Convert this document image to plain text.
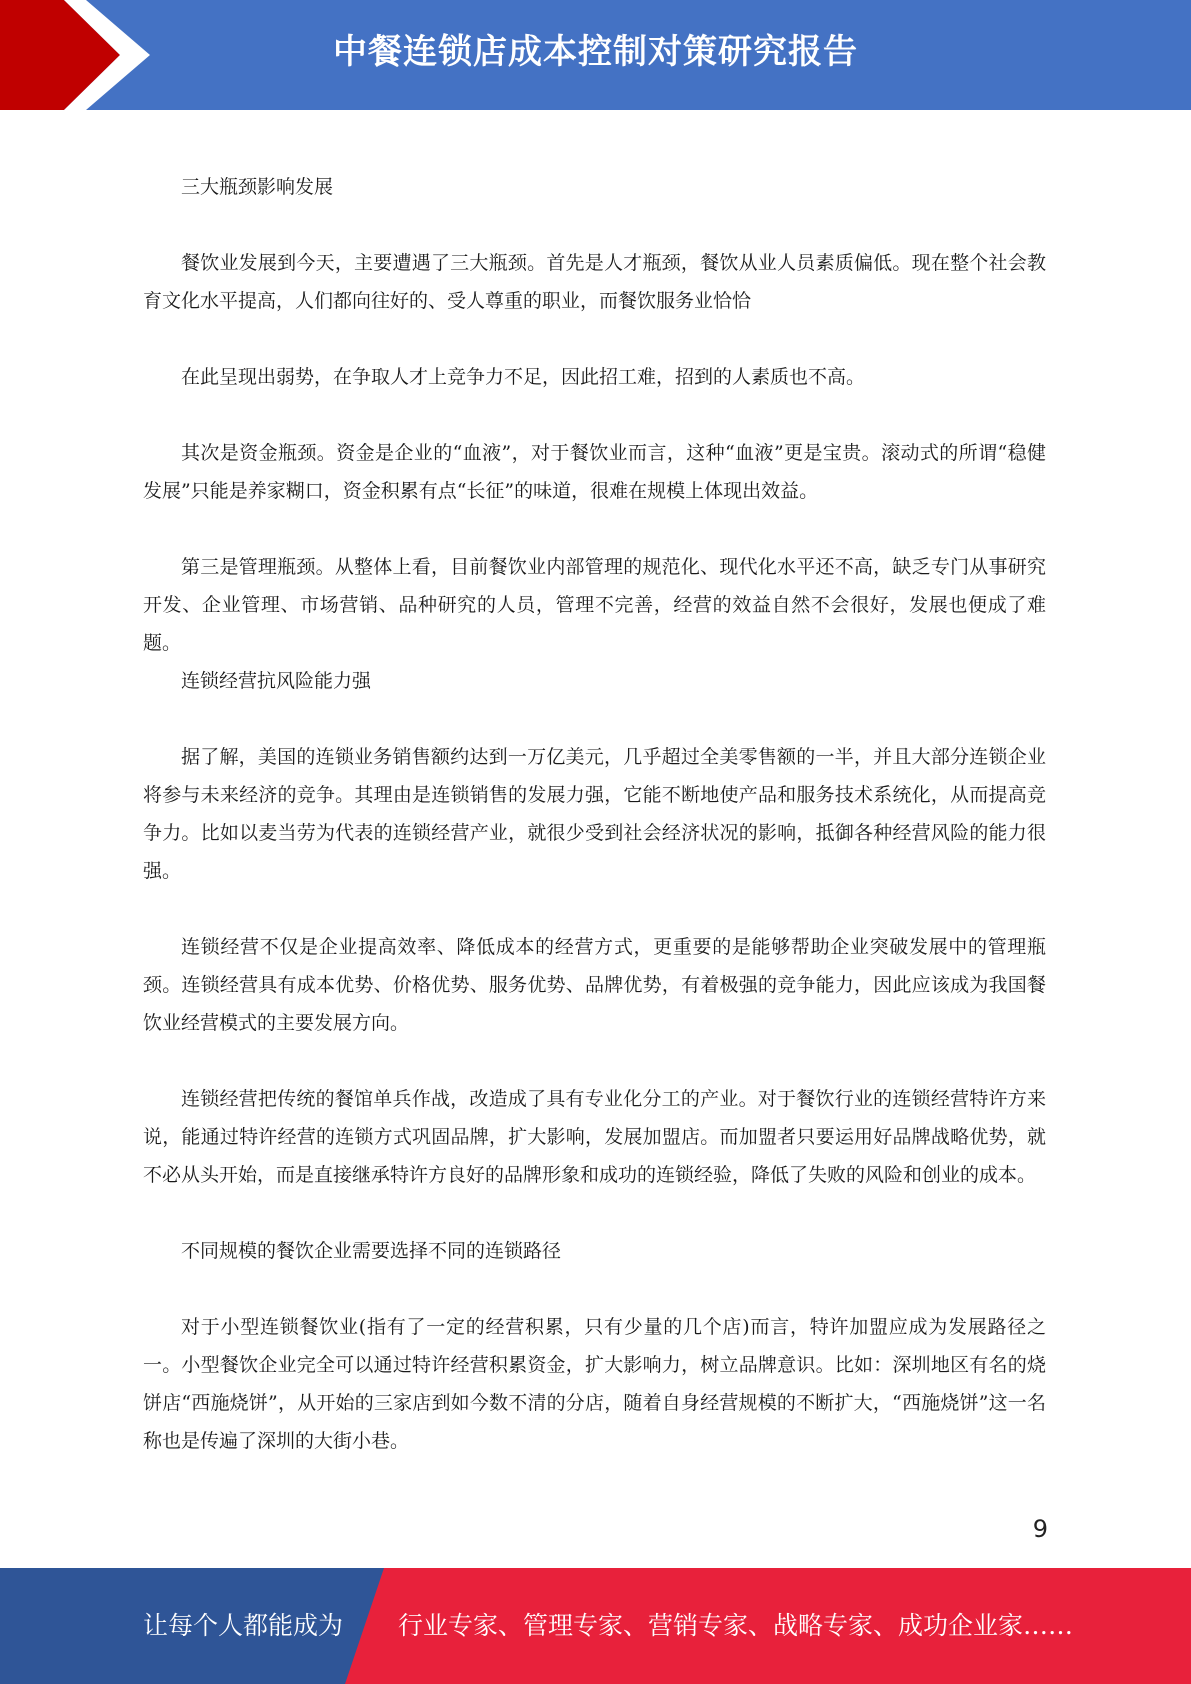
中餐连锁店成本控制对策研究报告

三大瓶颈影响发展

餐饮业发展到今天，主要遭遇了三大瓶颈。首先是人才瓶颈，餐饮从业人员素质偏低。现在整个社会教育文化水平提高，人们都向往好的、受人尊重的职业，而餐饮服务业恰恰

在此呈现出弱势，在争取人才上竞争力不足，因此招工难，招到的人素质也不高。

其次是资金瓶颈。资金是企业的“血液”，对于餐饮业而言，这种“血液”更是宝贵。滚动式的所谓“稳健发展”只能是养家糊口，资金积累有点“长征”的味道，很难在规模上体现出效益。

第三是管理瓶颈。从整体上看，目前餐饮业内部管理的规范化、现代化水平还不高，缺乏专门从事研究开发、企业管理、市场营销、品种研究的人员，管理不完善，经营的效益自然不会很好，发展也便成了难题。

连锁经营抗风险能力强

据了解，美国的连锁业务销售额约达到一万亿美元，几乎超过全美零售额的一半，并且大部分连锁企业将参与未来经济的竞争。其理由是连锁销售的发展力强，它能不断地使产品和服务技术系统化，从而提高竞争力。比如以麦当劳为代表的连锁经营产业，就很少受到社会经济状况的影响，抵御各种经营风险的能力很强。

连锁经营不仅是企业提高效率、降低成本的经营方式，更重要的是能够帮助企业突破发展中的管理瓶颈。连锁经营具有成本优势、价格优势、服务优势、品牌优势，有着极强的竞争能力，因此应该成为我国餐饮业经营模式的主要发展方向。

连锁经营把传统的餐馆单兵作战，改造成了具有专业化分工的产业。对于餐饮行业的连锁经营特许方来说，能通过特许经营的连锁方式巩固品牌，扩大影响，发展加盟店。而加盟者只要运用好品牌战略优势，就不必从头开始，而是直接继承特许方良好的品牌形象和成功的连锁经验，降低了失败的风险和创业的成本。

不同规模的餐饮企业需要选择不同的连锁路径

对于小型连锁餐饮业(指有了一定的经营积累，只有少量的几个店)而言，特许加盟应成为发展路径之一。小型餐饮企业完全可以通过特许经营积累资金，扩大影响力，树立品牌意识。比如：深圳地区有名的烧饼店“西施烧饼”，从开始的三家店到如今数不清的分店，随着自身经营规模的不断扩大，“西施烧饼”这一名称也是传遍了深圳的大街小巷。

9
让每个人都能成为 行业专家、管理专家、营销专家、战略专家、成功企业家……
